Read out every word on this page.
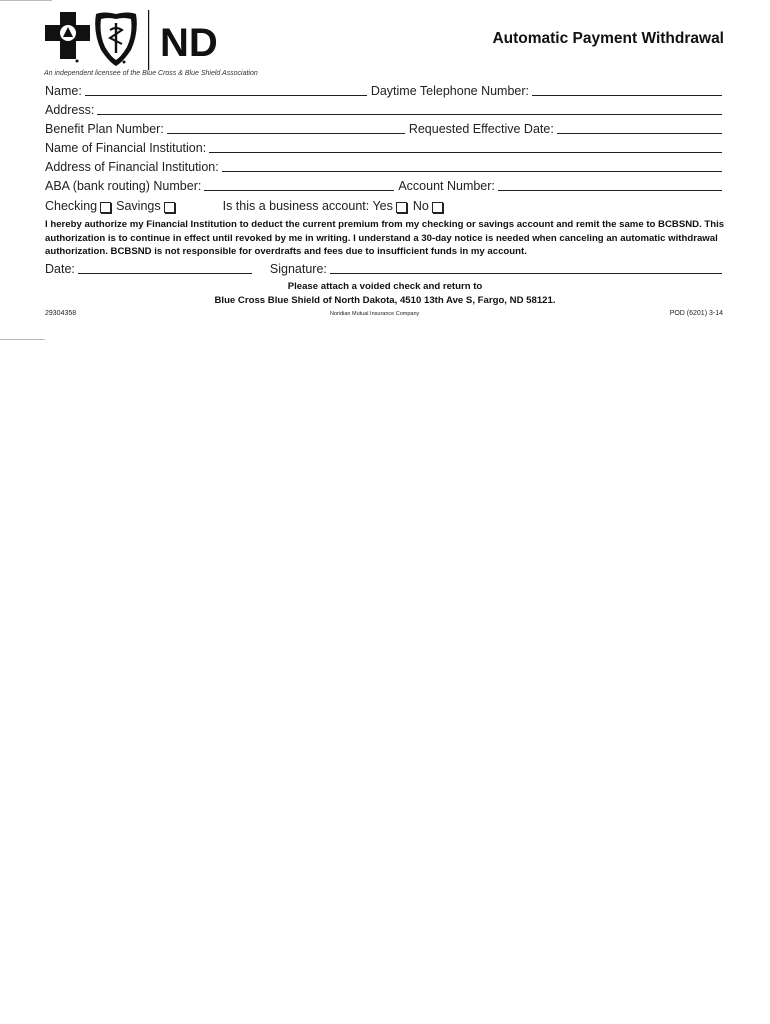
ND
An independent licensee of the Blue Cross & Blue Shield Association
Automatic Payment Withdrawal
Name:	Daytime Telephone Number:
Address:
Benefit Plan Number:	Requested Effective Date:
Name of Financial Institution:
Address of Financial Institution:
ABA (bank routing) Number:	Account Number:
Checking Savings	Is this a business account: Yes No
I hereby authorize my Financial Institution to deduct the current premium from my checking or savings account and remit the same to BCBSND. This authorization is to continue in effect until revoked by me in writing. I understand a 30-day notice is needed when canceling an automatic withdrawal authorization. BCBSND is not responsible for overdrafts and fees due to insufficient funds in my account.
Date:	Signature:
Please attach a voided check and return to
Blue Cross Blue Shield of North Dakota, 4510 13th Ave S, Fargo, ND 58121.
29304358	Noridian Mutual Insurance Company	POD (6201) 3-14
